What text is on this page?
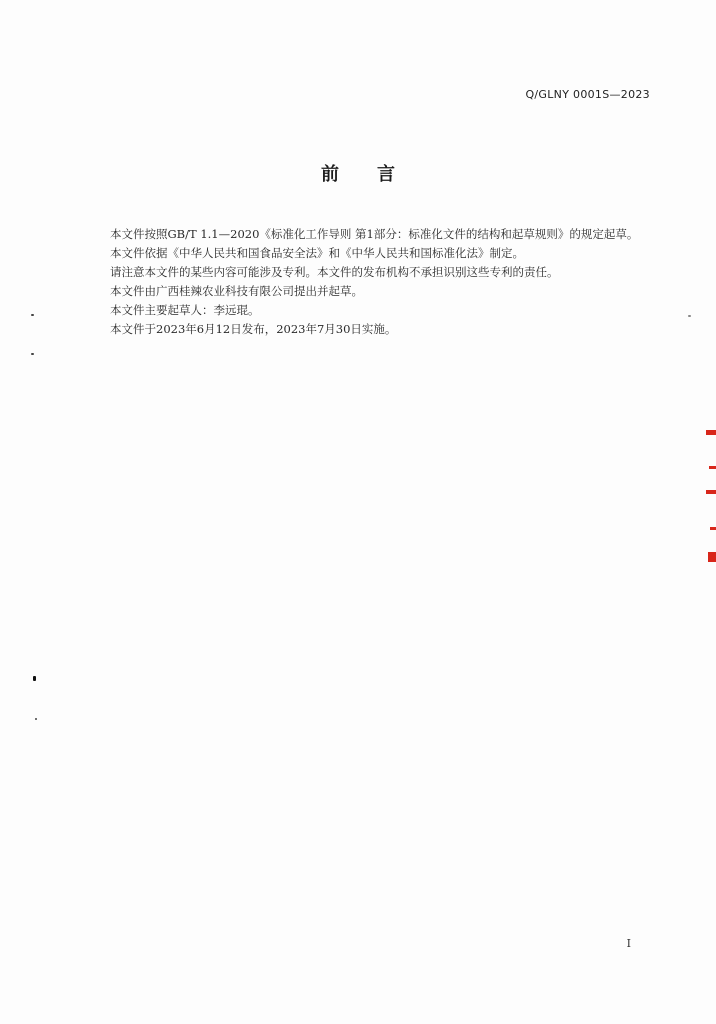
Q/GLNY 0001S—2023
前言

本文件按照GB/T 1.1—2020《标准化工作导则 第1部分：标准化文件的结构和起草规则》的规定起草。

本文件依据《中华人民共和国食品安全法》和《中华人民共和国标准化法》制定。

请注意本文件的某些内容可能涉及专利。本文件的发布机构不承担识别这些专利的责任。

本文件由广西桂辣农业科技有限公司提出并起草。

本文件主要起草人：李远琨。

本文件于2023年6月12日发布，2023年7月30日实施。

I
